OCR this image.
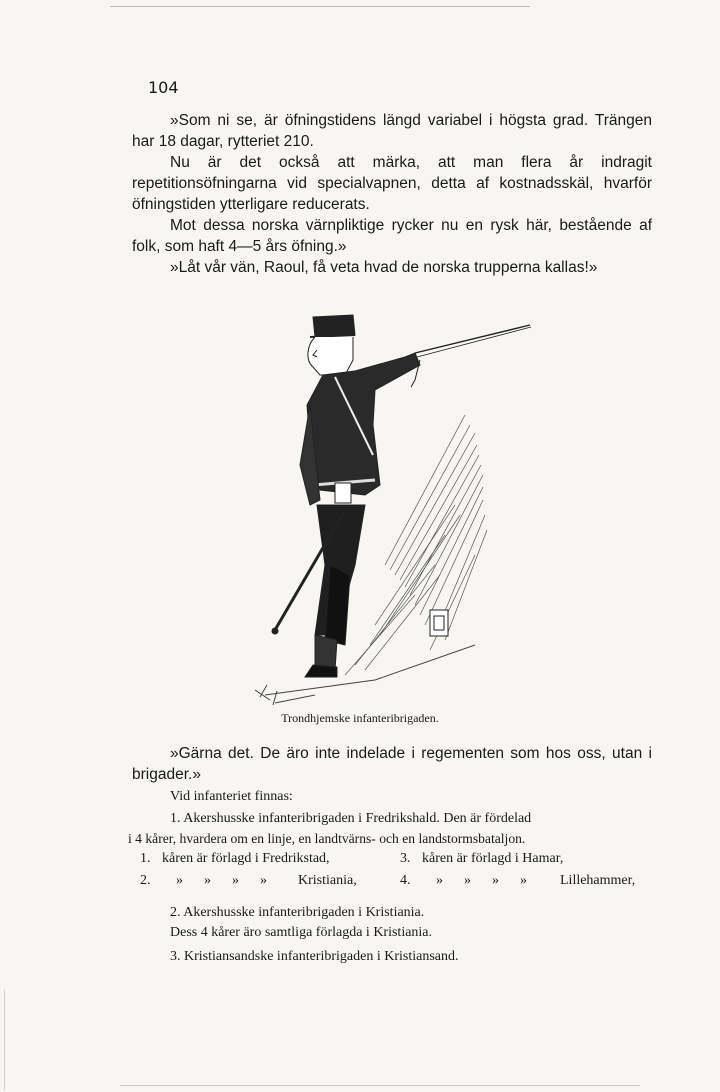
104

»Som ni se, är öfningstidens längd variabel i högsta grad. Trängen har 18 dagar, rytteriet 210.

Nu är det också att märka, att man flera år indragit repetitionsöfningarna vid specialvapnen, detta af kostnadsskäl, hvarför öfningstiden ytterligare reducerats.

Mot dessa norska värnpliktige rycker nu en rysk här, bestående af folk, som haft 4—5 års öfning.»

»Låt vår vän, Raoul, få veta hvad de norska trupperna kallas!»

Trondhjemske infanteribrigaden.

»Gärna det. De äro inte indelade i regementen som hos oss, utan i brigader.»

Vid infanteriet finnas:

1. Akershusske infanteribrigaden i Fredrikshald. Den är fördelad

i 4 kårer, hvardera om en linje, en landtvärns- och en landstormsbataljon.

1. kåren är förlagd i Fredrikstad,	3. kåren är förlagd i Hamar,
2. »      »      »      » Kristiania,	4. »      »      »      » Lillehammer,

2. Akershusske infanteribrigaden i Kristiania.

Dess 4 kårer äro samtliga förlagda i Kristiania.

3. Kristiansandske infanteribrigaden i Kristiansand.
